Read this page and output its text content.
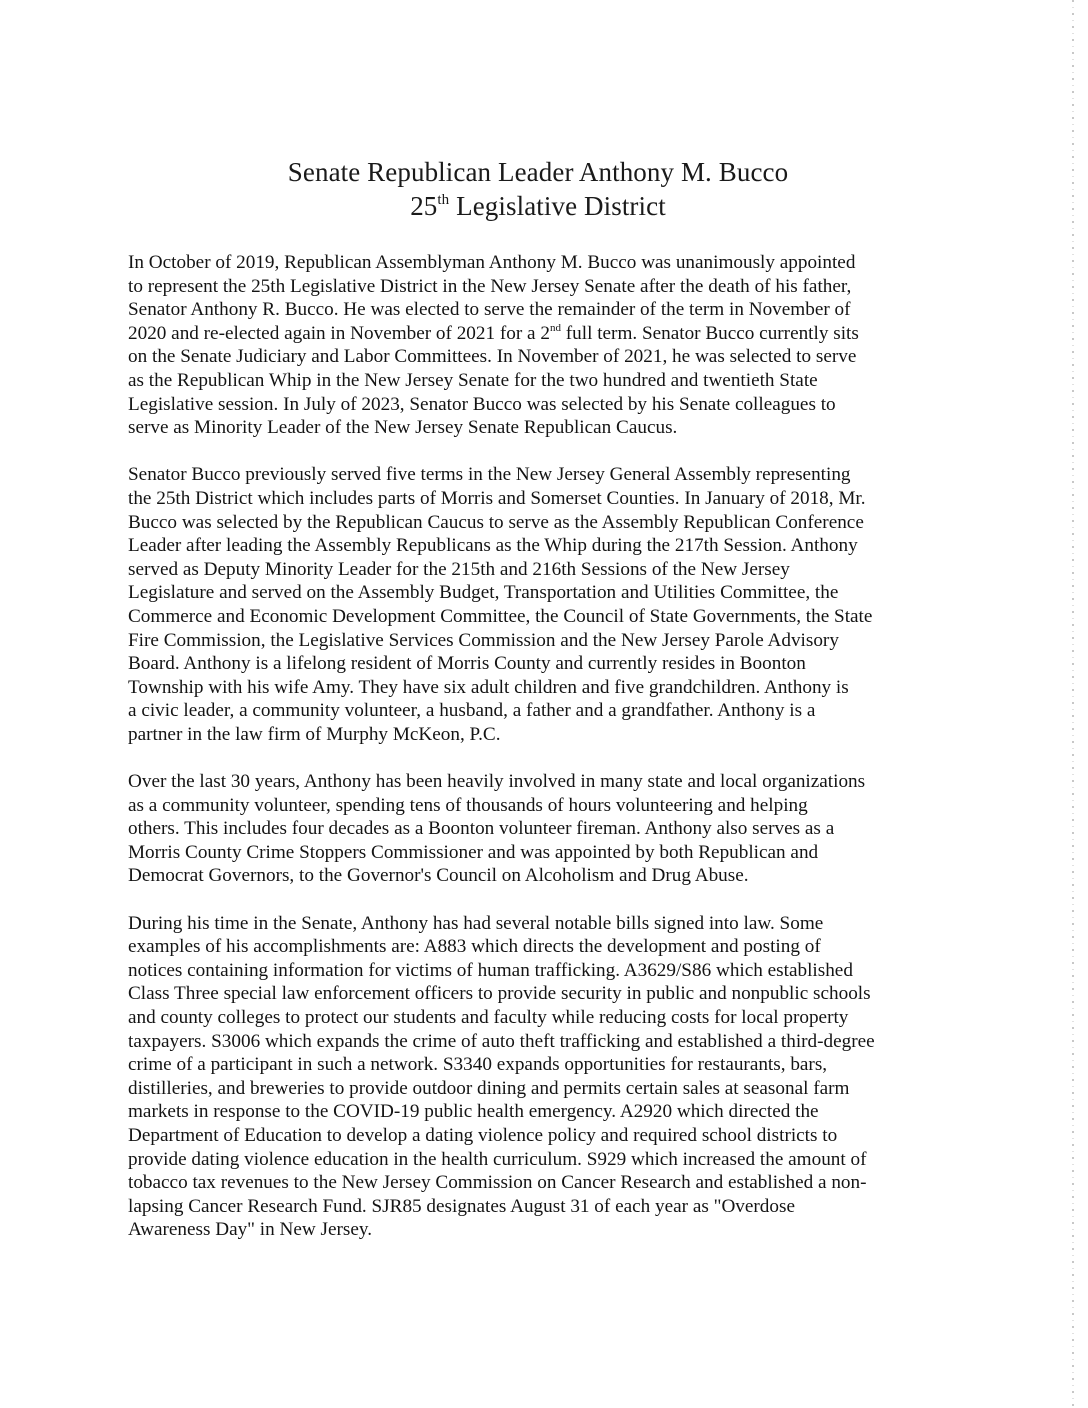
Senate Republican Leader Anthony M. Bucco
25th Legislative District

In October of 2019, Republican Assemblyman Anthony M. Bucco was unanimously appointed
to represent the 25th Legislative District in the New Jersey Senate after the death of his father,
Senator Anthony R. Bucco. He was elected to serve the remainder of the term in November of
2020 and re-elected again in November of 2021 for a 2nd full term. Senator Bucco currently sits
on the Senate Judiciary and Labor Committees. In November of 2021, he was selected to serve
as the Republican Whip in the New Jersey Senate for the two hundred and twentieth State
Legislative session. In July of 2023, Senator Bucco was selected by his Senate colleagues to
serve as Minority Leader of the New Jersey Senate Republican Caucus.

Senator Bucco previously served five terms in the New Jersey General Assembly representing
the 25th District which includes parts of Morris and Somerset Counties. In January of 2018, Mr.
Bucco was selected by the Republican Caucus to serve as the Assembly Republican Conference
Leader after leading the Assembly Republicans as the Whip during the 217th Session. Anthony
served as Deputy Minority Leader for the 215th and 216th Sessions of the New Jersey
Legislature and served on the Assembly Budget, Transportation and Utilities Committee, the
Commerce and Economic Development Committee, the Council of State Governments, the State
Fire Commission, the Legislative Services Commission and the New Jersey Parole Advisory
Board. Anthony is a lifelong resident of Morris County and currently resides in Boonton
Township with his wife Amy. They have six adult children and five grandchildren. Anthony is
a civic leader, a community volunteer, a husband, a father and a grandfather. Anthony is a
partner in the law firm of Murphy McKeon, P.C.

Over the last 30 years, Anthony has been heavily involved in many state and local organizations
as a community volunteer, spending tens of thousands of hours volunteering and helping
others. This includes four decades as a Boonton volunteer fireman. Anthony also serves as a
Morris County Crime Stoppers Commissioner and was appointed by both Republican and
Democrat Governors, to the Governor's Council on Alcoholism and Drug Abuse.

During his time in the Senate, Anthony has had several notable bills signed into law. Some
examples of his accomplishments are: A883 which directs the development and posting of
notices containing information for victims of human trafficking. A3629/S86 which established
Class Three special law enforcement officers to provide security in public and nonpublic schools
and county colleges to protect our students and faculty while reducing costs for local property
taxpayers. S3006 which expands the crime of auto theft trafficking and established a third-degree
crime of a participant in such a network. S3340 expands opportunities for restaurants, bars,
distilleries, and breweries to provide outdoor dining and permits certain sales at seasonal farm
markets in response to the COVID-19 public health emergency. A2920 which directed the
Department of Education to develop a dating violence policy and required school districts to
provide dating violence education in the health curriculum. S929 which increased the amount of
tobacco tax revenues to the New Jersey Commission on Cancer Research and established a non-
lapsing Cancer Research Fund. SJR85 designates August 31 of each year as "Overdose
Awareness Day" in New Jersey.
